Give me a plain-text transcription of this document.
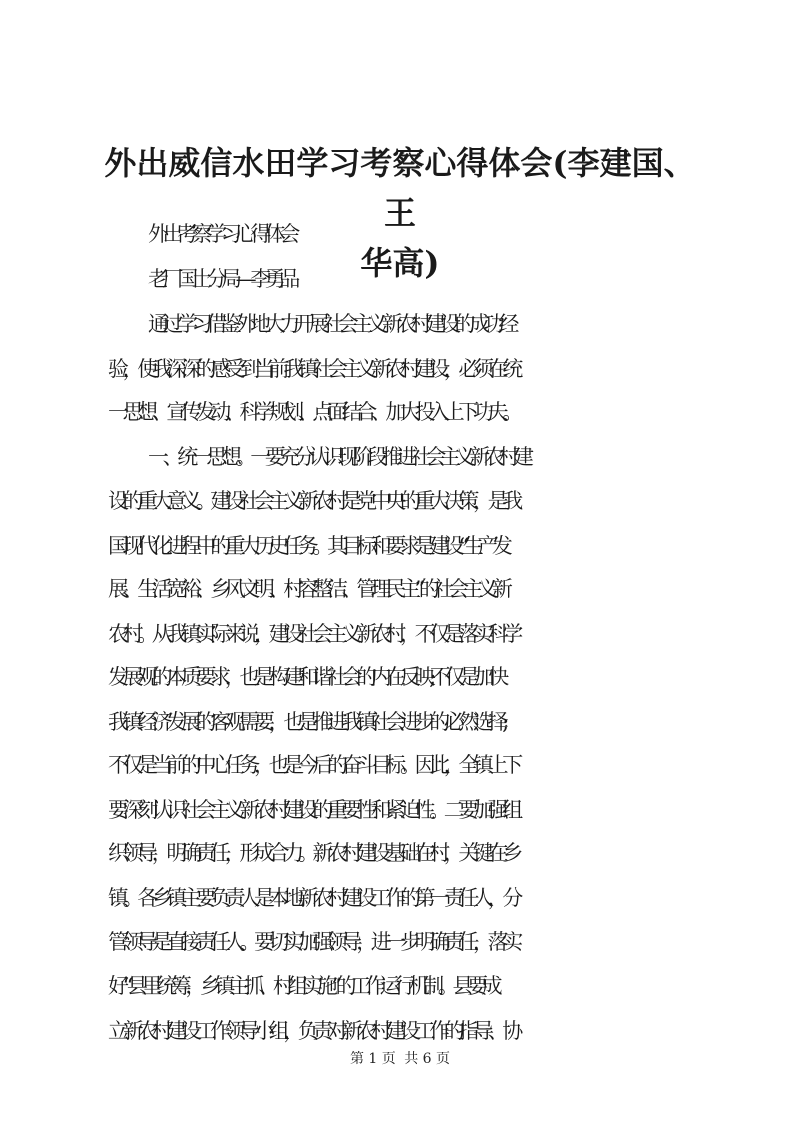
外出威信水田学习考察心得体会(李建国、王
华高)

外出考察学习心得体会

老厂国土分局—李勇品

通过学习借鉴外地大力开展社会主义新农村建设的成功经

验，使我深深的感受到当前我镇社会主义新农村建设，必须在统

一思想、宣传发动、科学规划、点面结合、加大投入上下功夫。

一、统一思想。一要充分认识现阶段推进社会主义新农村建

设的重大意义。建设社会主义新农村是党中央的重大决策，是我

国现代化进程中的重大历史任务。其目标和要求是建设“生产发

展、生活宽裕、乡风文明、村容整洁、管理民主”的社会主义新

农村。从我镇实际来说，建设社会主义新农村，不仅是落实科学

发展观的本质要求，也是构建和谐社会的内在反映;不仅是加快

我镇经济发展的客观需要，也是推进我镇社会进步的必然选择;

不仅是当前的中心任务，也是今后的奋斗目标。因此，全镇上下

要深刻认识社会主义新农村建设的重要性和紧迫性。二要加强组

织领导，明确责任，形成合力。新农村建设基础在村，关键在乡

镇。各乡镇主要负责人是本地新农村建设工作的第一责任人，分

管领导是直接责任人。要切实加强领导，进一步明确责任，落实

好“县里统筹，乡镇主抓、村组实施”的工作运行机制。县要成

立新农村建设工作领导小组，负责对新农村建设工作的指导、协

第 1 页 共 6 页
